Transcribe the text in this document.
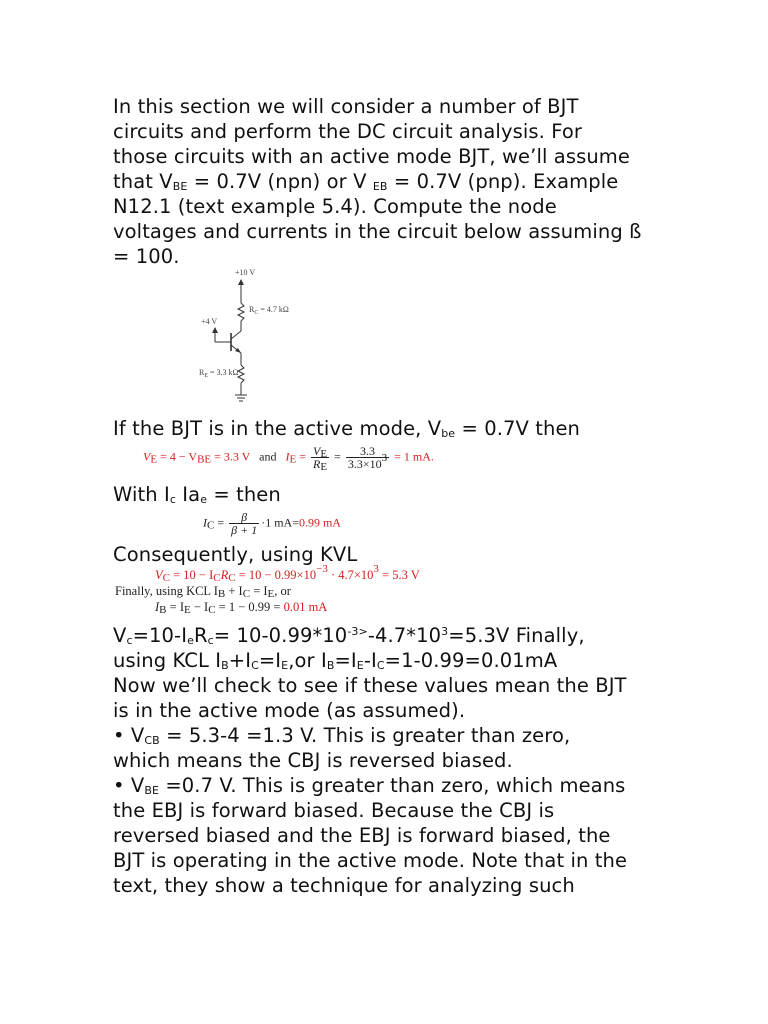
In this section we will consider a number of BJT
circuits and perform the DC circuit analysis. For
those circuits with an active mode BJT, we’ll assume
that $V_{BE} = 0.7V$ (npn) or V $_{EB}$ = 0.7V (pnp). Example
N12.1 (text example 5.4). Compute the node
voltages and currents in the circuit below assuming ß
= 100.

+10 V
$R_C = 4.7$ kΩ
+4 V
$R_E = 3.3$ kΩ

If the BJT is in the active mode, $V_{be} = 0.7V$ then

$V_E = 4 - V_{BE} = 3.3$ V and $I_E = \frac{V_E}{R_E} = \frac{3.3}{3.3\times 10^3} = 1$ mA.

With $I_c$ $Ia_e$ = then

$I_C = \frac{\beta}{\beta + 1} \cdot 1$ mA=0.99 mA

Consequently, using KVL

$V_C = 10 - I_CR_C = 10 - 0.99\times 10^{-3} \cdot 4.7\times 10^3 = 5.3$ V
Finally, using KCL $I_B + I_C = I_E$, or
$I_B = I_E - I_C = 1 - 0.99 = 0.01$ mA

$V_c=10-I_eR_c= 10-0.99*10^{-3>}-4.7*10^3=5.3V$ Finally,
using KCL $I_B+I_C=I_E,or$ $I_B=I_E-I_C=1-0.99=0.01mA$
Now we’ll check to see if these values mean the BJT
is in the active mode (as assumed).
• $V_{CB} = 5.3-4 =1.3$ V. This is greater than zero,
which means the CBJ is reversed biased.
• $V_{BE} =0.7$ V. This is greater than zero, which means
the EBJ is forward biased. Because the CBJ is
reversed biased and the EBJ is forward biased, the
BJT is operating in the active mode. Note that in the
text, they show a technique for analyzing such
